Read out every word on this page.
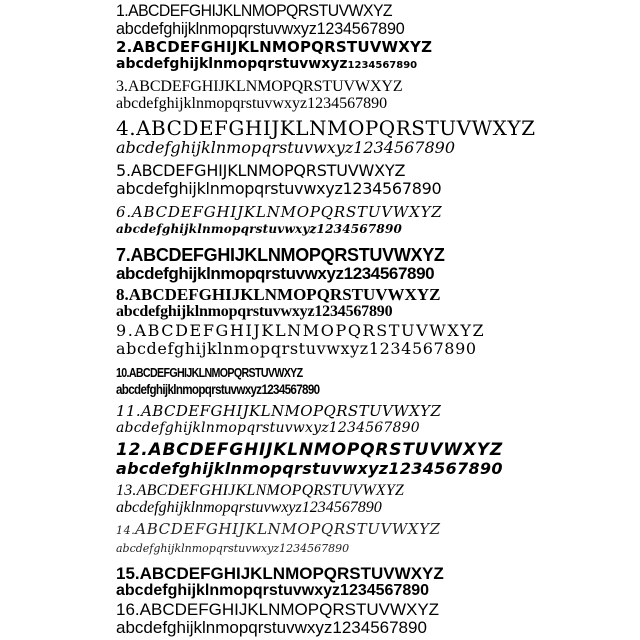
1.ABCDEFGHIJKLNMOPQRSTUVWXYZ
abcdefghijklnmopqrstuvwxyz1234567890
2.ABCDEFGHIJKLNMOPQRSTUVWXYZ
abcdefghijklnmopqrstuvwxyz1234567890
3.ABCDEFGHIJKLNMOPQRSTUVWXYZ
abcdefghijklnmopqrstuvwxyz1234567890
4.ABCDEFGHIJKLNMOPQRSTUVWXYZ
abcdefghijklnmopqrstuvwxyz1234567890
5.ABCDEFGHIJKLNMOPQRSTUVWXYZ
abcdefghijklnmopqrstuvwxyz1234567890
6.ABCDEFGHIJKLNMOPQRSTUVWXYZ
abcdefghijklnmopqrstuvwxyz1234567890
7.ABCDEFGHIJKLNMOPQRSTUVWXYZ
abcdefghijklnmopqrstuvwxyz1234567890
8.ABCDEFGHIJKLNMOPQRSTUVWXYZ
abcdefghijklnmopqrstuvwxyz1234567890
9.ABCDEFGHIJKLNMOPQRSTUVWXYZ
abcdefghijklnmopqrstuvwxyz1234567890
10.ABCDEFGHIJKLNMOPQRSTUVWXYZ
abcdefghijklnmopqrstuvwxyz1234567890
11.ABCDEFGHIJKLNMOPQRSTUVWXYZ
abcdefghijklnmopqrstuvwxyz1234567890
12.ABCDEFGHIJKLNMOPQRSTUVWXYZ
abcdefghijklnmopqrstuvwxyz1234567890
13.ABCDEFGHIJKLNMOPQRSTUVWXYZ
abcdefghijklnmopqrstuvwxyz1234567890
14.ABCDEFGHIJKLNMOPQRSTUVWXYZ
abcdefghijklnmopqrstuvwxyz1234567890
15.ABCDEFGHIJKLNMOPQRSTUVWXYZ
abcdefghijklnmopqrstuvwxyz1234567890
16.ABCDEFGHIJKLNMOPQRSTUVWXYZ
abcdefghijklnmopqrstuvwxyz1234567890
